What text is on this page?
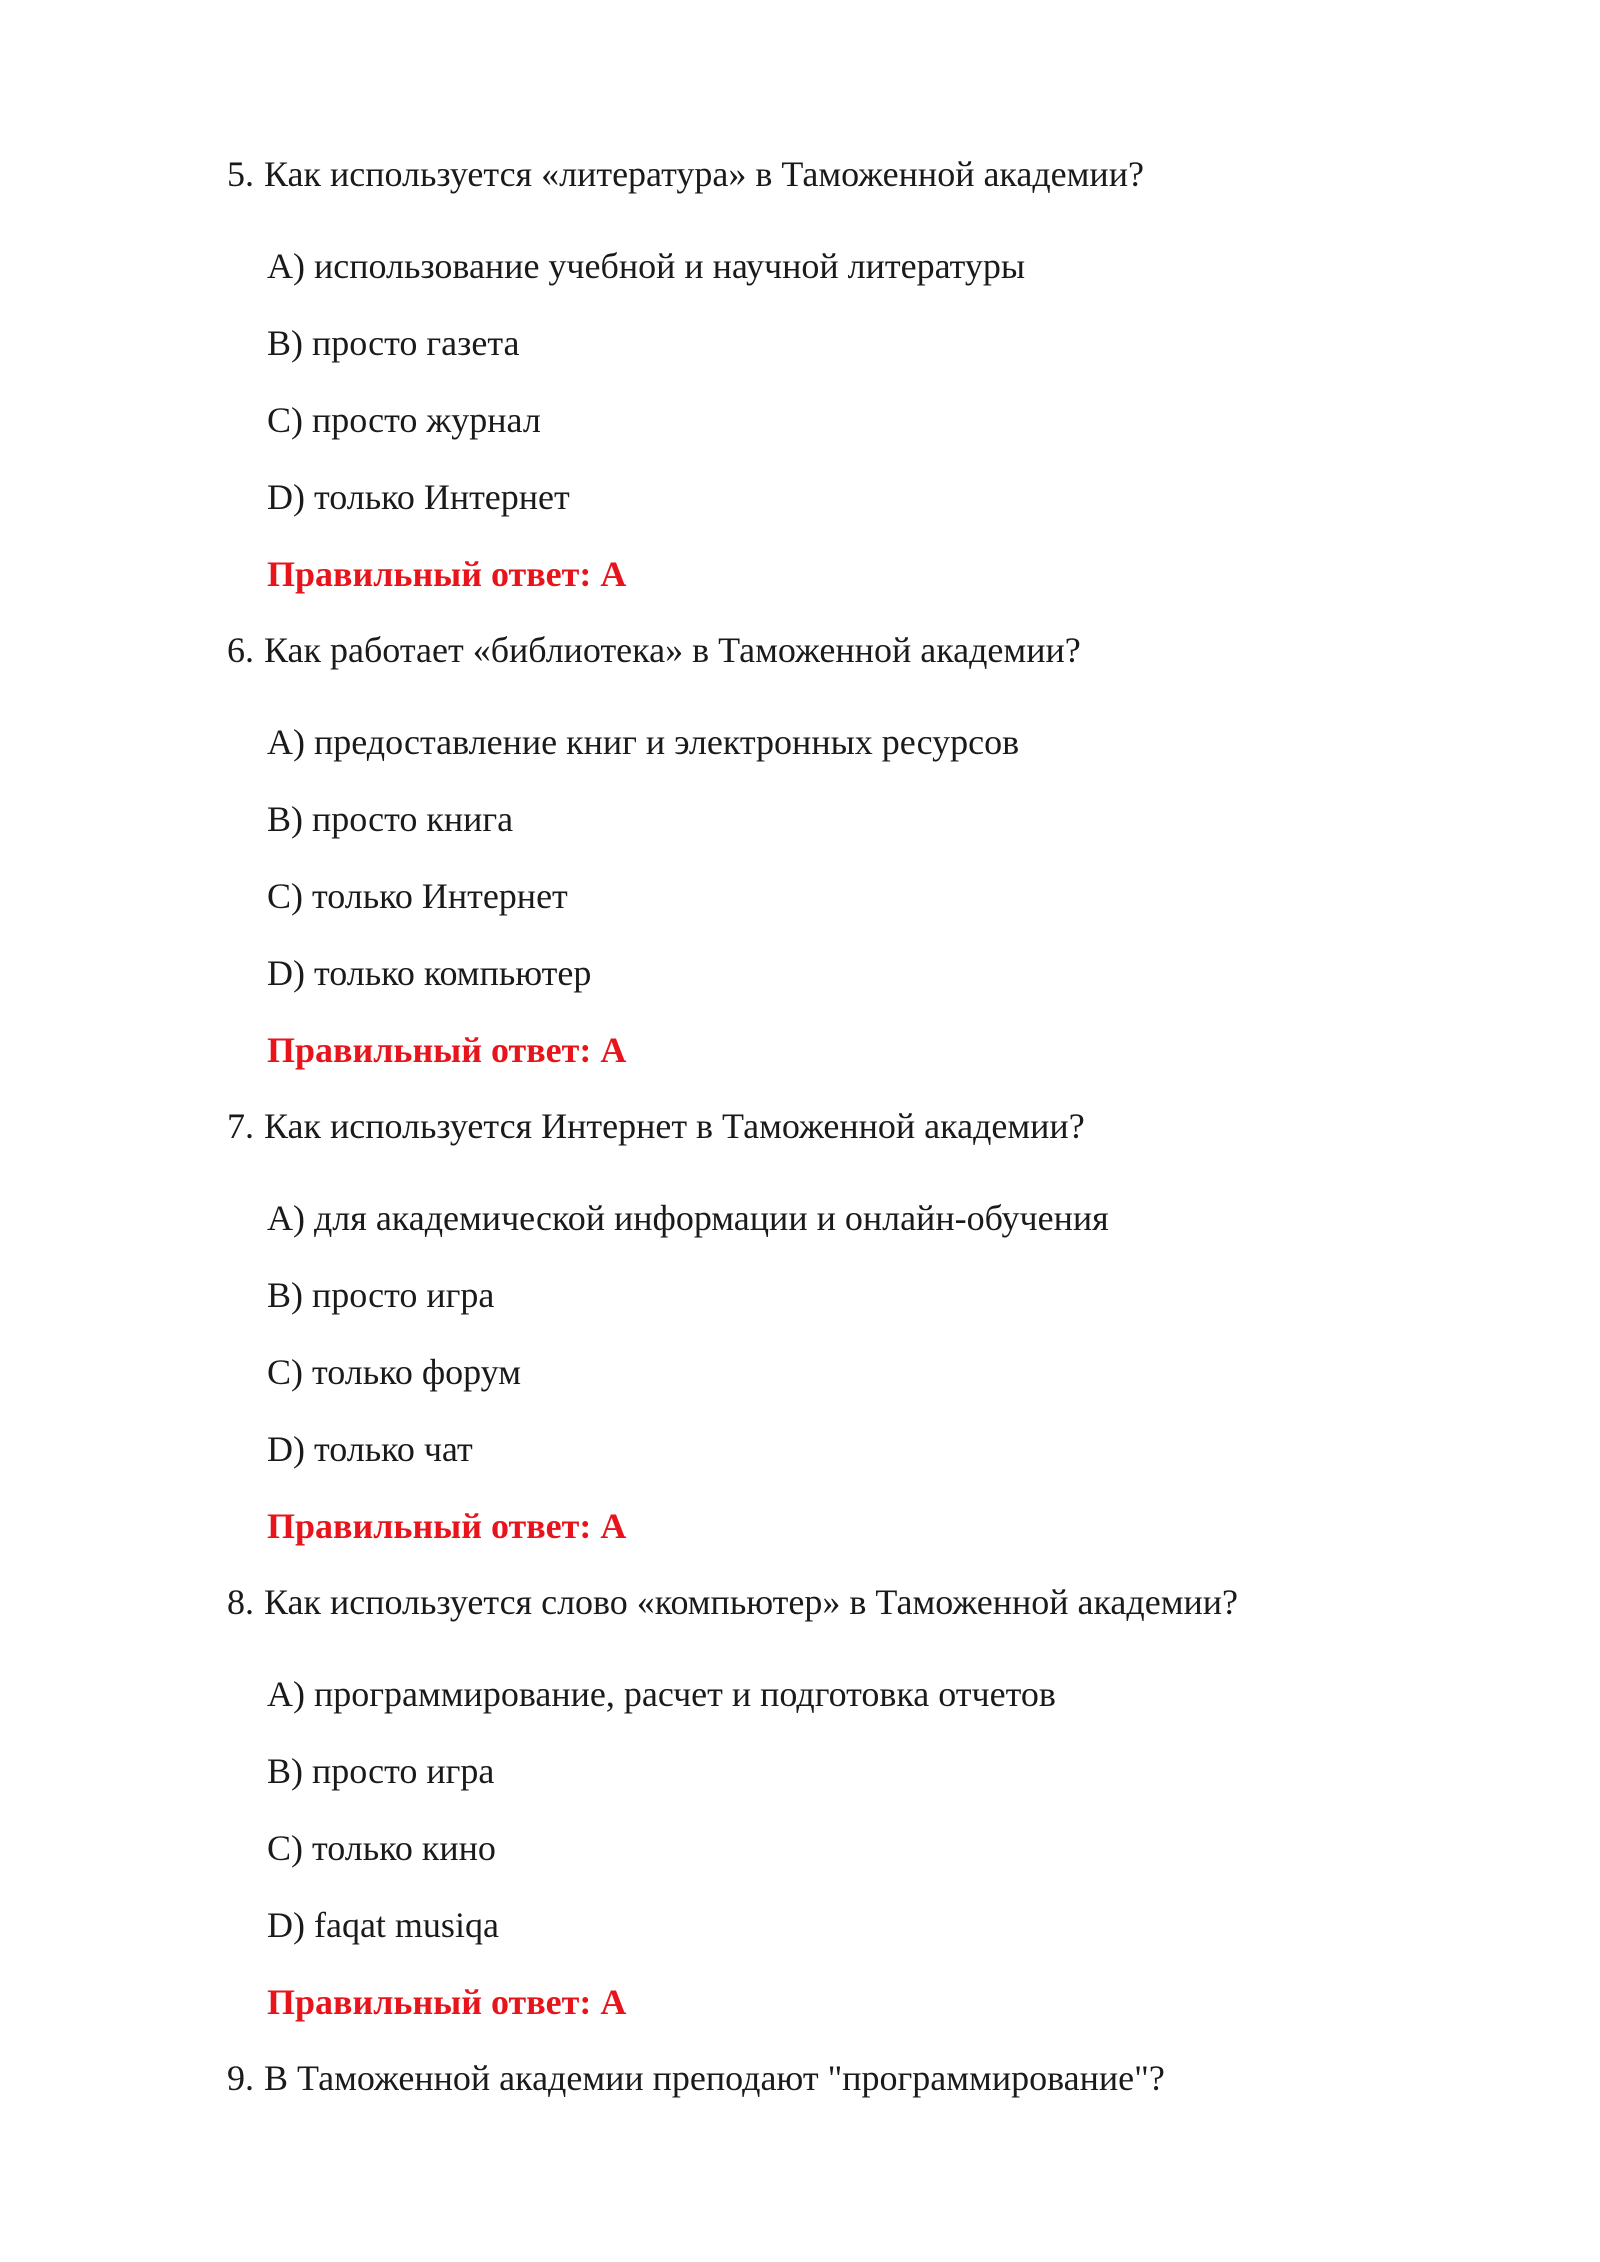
5. Как используется «литература» в Таможенной академии?
A) использование учебной и научной литературы
B) просто газета
C) просто журнал
D) только Интернет
Правильный ответ: A
6. Как работает «библиотека» в Таможенной академии?
A) предоставление книг и электронных ресурсов
B) просто книга
C) только Интернет
D) только компьютер
Правильный ответ: A
7. Как используется Интернет в Таможенной академии?
A) для академической информации и онлайн-обучения
B) просто игра
C) только форум
D) только чат
Правильный ответ: A
8. Как используется слово «компьютер» в Таможенной академии?
A) программирование, расчет и подготовка отчетов
B) просто игра
C) только кино
D) faqat musiqa
Правильный ответ: A
9. В Таможенной академии преподают "программирование"?
